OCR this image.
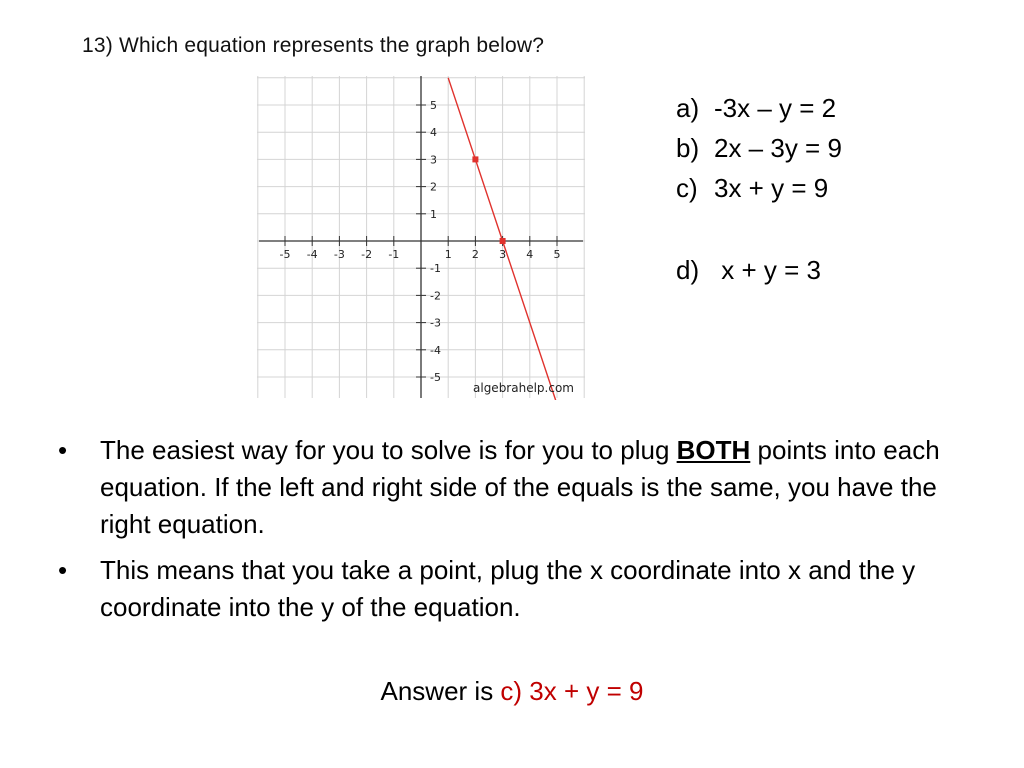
13) Which equation represents the graph below?
-5 -4 -3 -2 -1	1 2 3 4 5
5
4
3
2
1
-1
-2
-3
-4
-5
algebrahelp.com
a) -3x – y = 2
b) 2x – 3y = 9
c) 3x + y = 9
d) x + y = 3
•	The easiest way for you to solve is for you to plug BOTH points into each equation. If the left and right side of the equals is the same, you have the right equation.
•	This means that you take a point, plug the x coordinate into x and the y coordinate into the y of the equation.
Answer is c) 3x + y = 9
